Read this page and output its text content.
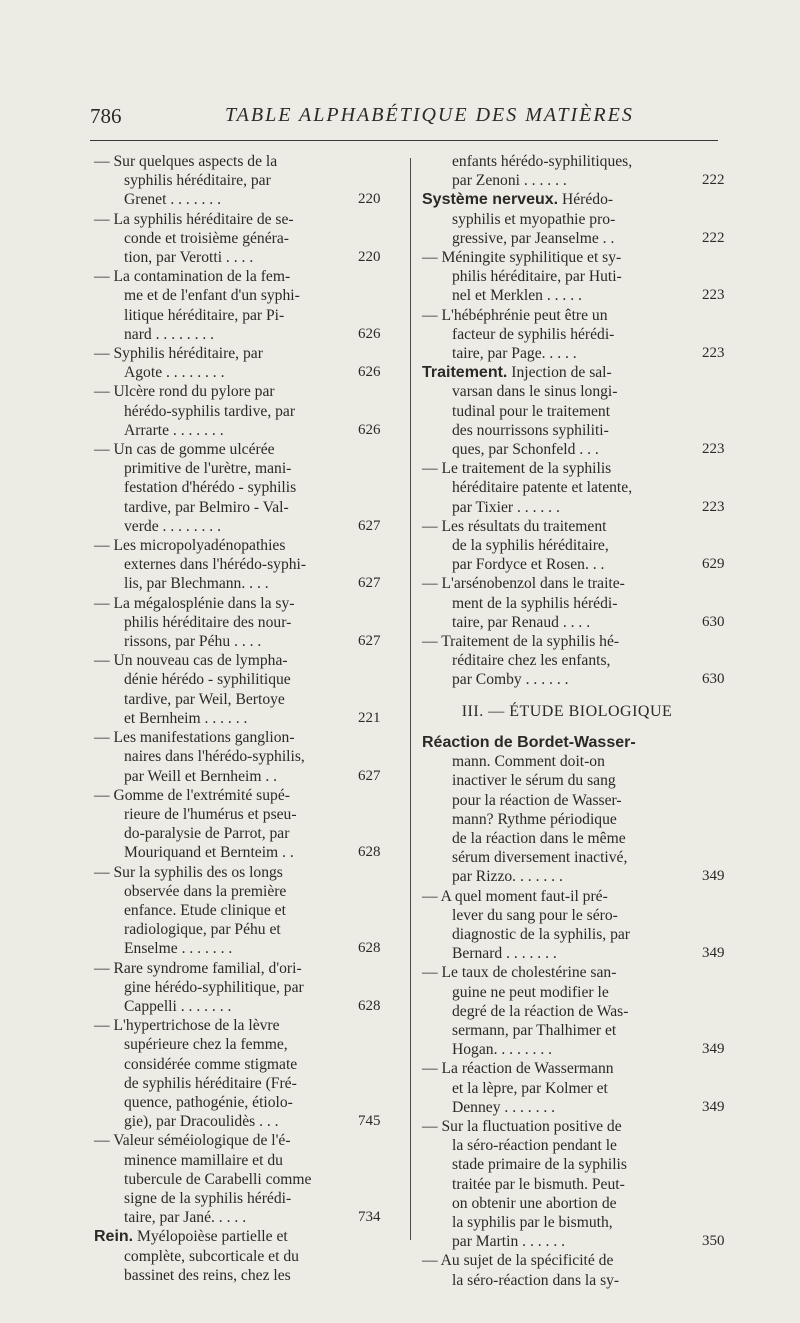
786	TABLE ALPHABÉTIQUE DES MATIÈRES
— Sur quelques aspects de la
syphilis héréditaire, par
Grenet . . . . . . .	220
— La syphilis héréditaire de se-
conde et troisième généra-
tion, par Verotti . . . .	220
— La contamination de la fem-
me et de l'enfant d'un syphi-
litique héréditaire, par Pi-
nard . . . . . . . .	626
— Syphilis héréditaire, par
Agote . . . . . . . .	626
— Ulcère rond du pylore par
hérédo-syphilis tardive, par
Arrarte . . . . . . .	626
— Un cas de gomme ulcérée
primitive de l'urètre, mani-
festation d'hérédo - syphilis
tardive, par Belmiro - Val-
verde . . . . . . . .	627
— Les micropolyadénopathies
externes dans l'hérédo-syphi-
lis, par Blechmann. . . .	627
— La mégalosplénie dans la sy-
philis héréditaire des nour-
rissons, par Péhu . . . .	627
— Un nouveau cas de lympha-
dénie hérédo - syphilitique
tardive, par Weil, Bertoye
et Bernheim . . . . . .	221
— Les manifestations ganglion-
naires dans l'hérédo-syphilis,
par Weill et Bernheim . .	627
— Gomme de l'extrémité supé-
rieure de l'humérus et pseu-
do-paralysie de Parrot, par
Mouriquand et Bernteim . .	628
— Sur la syphilis des os longs
observée dans la première
enfance. Etude clinique et
radiologique, par Péhu et
Enselme . . . . . . .	628
— Rare syndrome familial, d'ori-
gine hérédo-syphilitique, par
Cappelli . . . . . . .	628
— L'hypertrichose de la lèvre
supérieure chez la femme,
considérée comme stigmate
de syphilis héréditaire (Fré-
quence, pathogénie, étiolo-
gie), par Dracoulidès . . .	745
— Valeur séméiologique de l'é-
minence mamillaire et du
tubercule de Carabelli comme
signe de la syphilis hérédi-
taire, par Jané. . . . .	734
Rein. Myélopoièse partielle et
complète, subcorticale et du
bassinet des reins, chez les
enfants hérédo-syphilitiques,
par Zenoni . . . . . .	222
Système nerveux. Hérédo-
syphilis et myopathie pro-
gressive, par Jeanselme . .	222
— Méningite syphilitique et sy-
philis héréditaire, par Huti-
nel et Merklen . . . . .	223
— L'hébéphrénie peut être un
facteur de syphilis hérédi-
taire, par Page. . . . .	223
Traitement. Injection de sal-
varsan dans le sinus longi-
tudinal pour le traitement
des nourrissons syphiliti-
ques, par Schonfeld . . .	223
— Le traitement de la syphilis
héréditaire patente et latente,
par Tixier . . . . . .	223
— Les résultats du traitement
de la syphilis héréditaire,
par Fordyce et Rosen. . .	629
— L'arsénobenzol dans le traite-
ment de la syphilis hérédi-
taire, par Renaud . . . .	630
— Traitement de la syphilis hé-
réditaire chez les enfants,
par Comby . . . . . .	630
III. — ÉTUDE BIOLOGIQUE
Réaction de Bordet-Wasser-
mann. Comment doit-on
inactiver le sérum du sang
pour la réaction de Wasser-
mann? Rythme périodique
de la réaction dans le même
sérum diversement inactivé,
par Rizzo. . . . . . .	349
— A quel moment faut-il pré-
lever du sang pour le séro-
diagnostic de la syphilis, par
Bernard . . . . . . .	349
— Le taux de cholestérine san-
guine ne peut modifier le
degré de la réaction de Was-
sermann, par Thalhimer et
Hogan. . . . . . . .	349
— La réaction de Wassermann
et la lèpre, par Kolmer et
Denney . . . . . . .	349
— Sur la fluctuation positive de
la séro-réaction pendant le
stade primaire de la syphilis
traitée par le bismuth. Peut-
on obtenir une abortion de
la syphilis par le bismuth,
par Martin . . . . . .	350
— Au sujet de la spécificité de
la séro-réaction dans la sy-
